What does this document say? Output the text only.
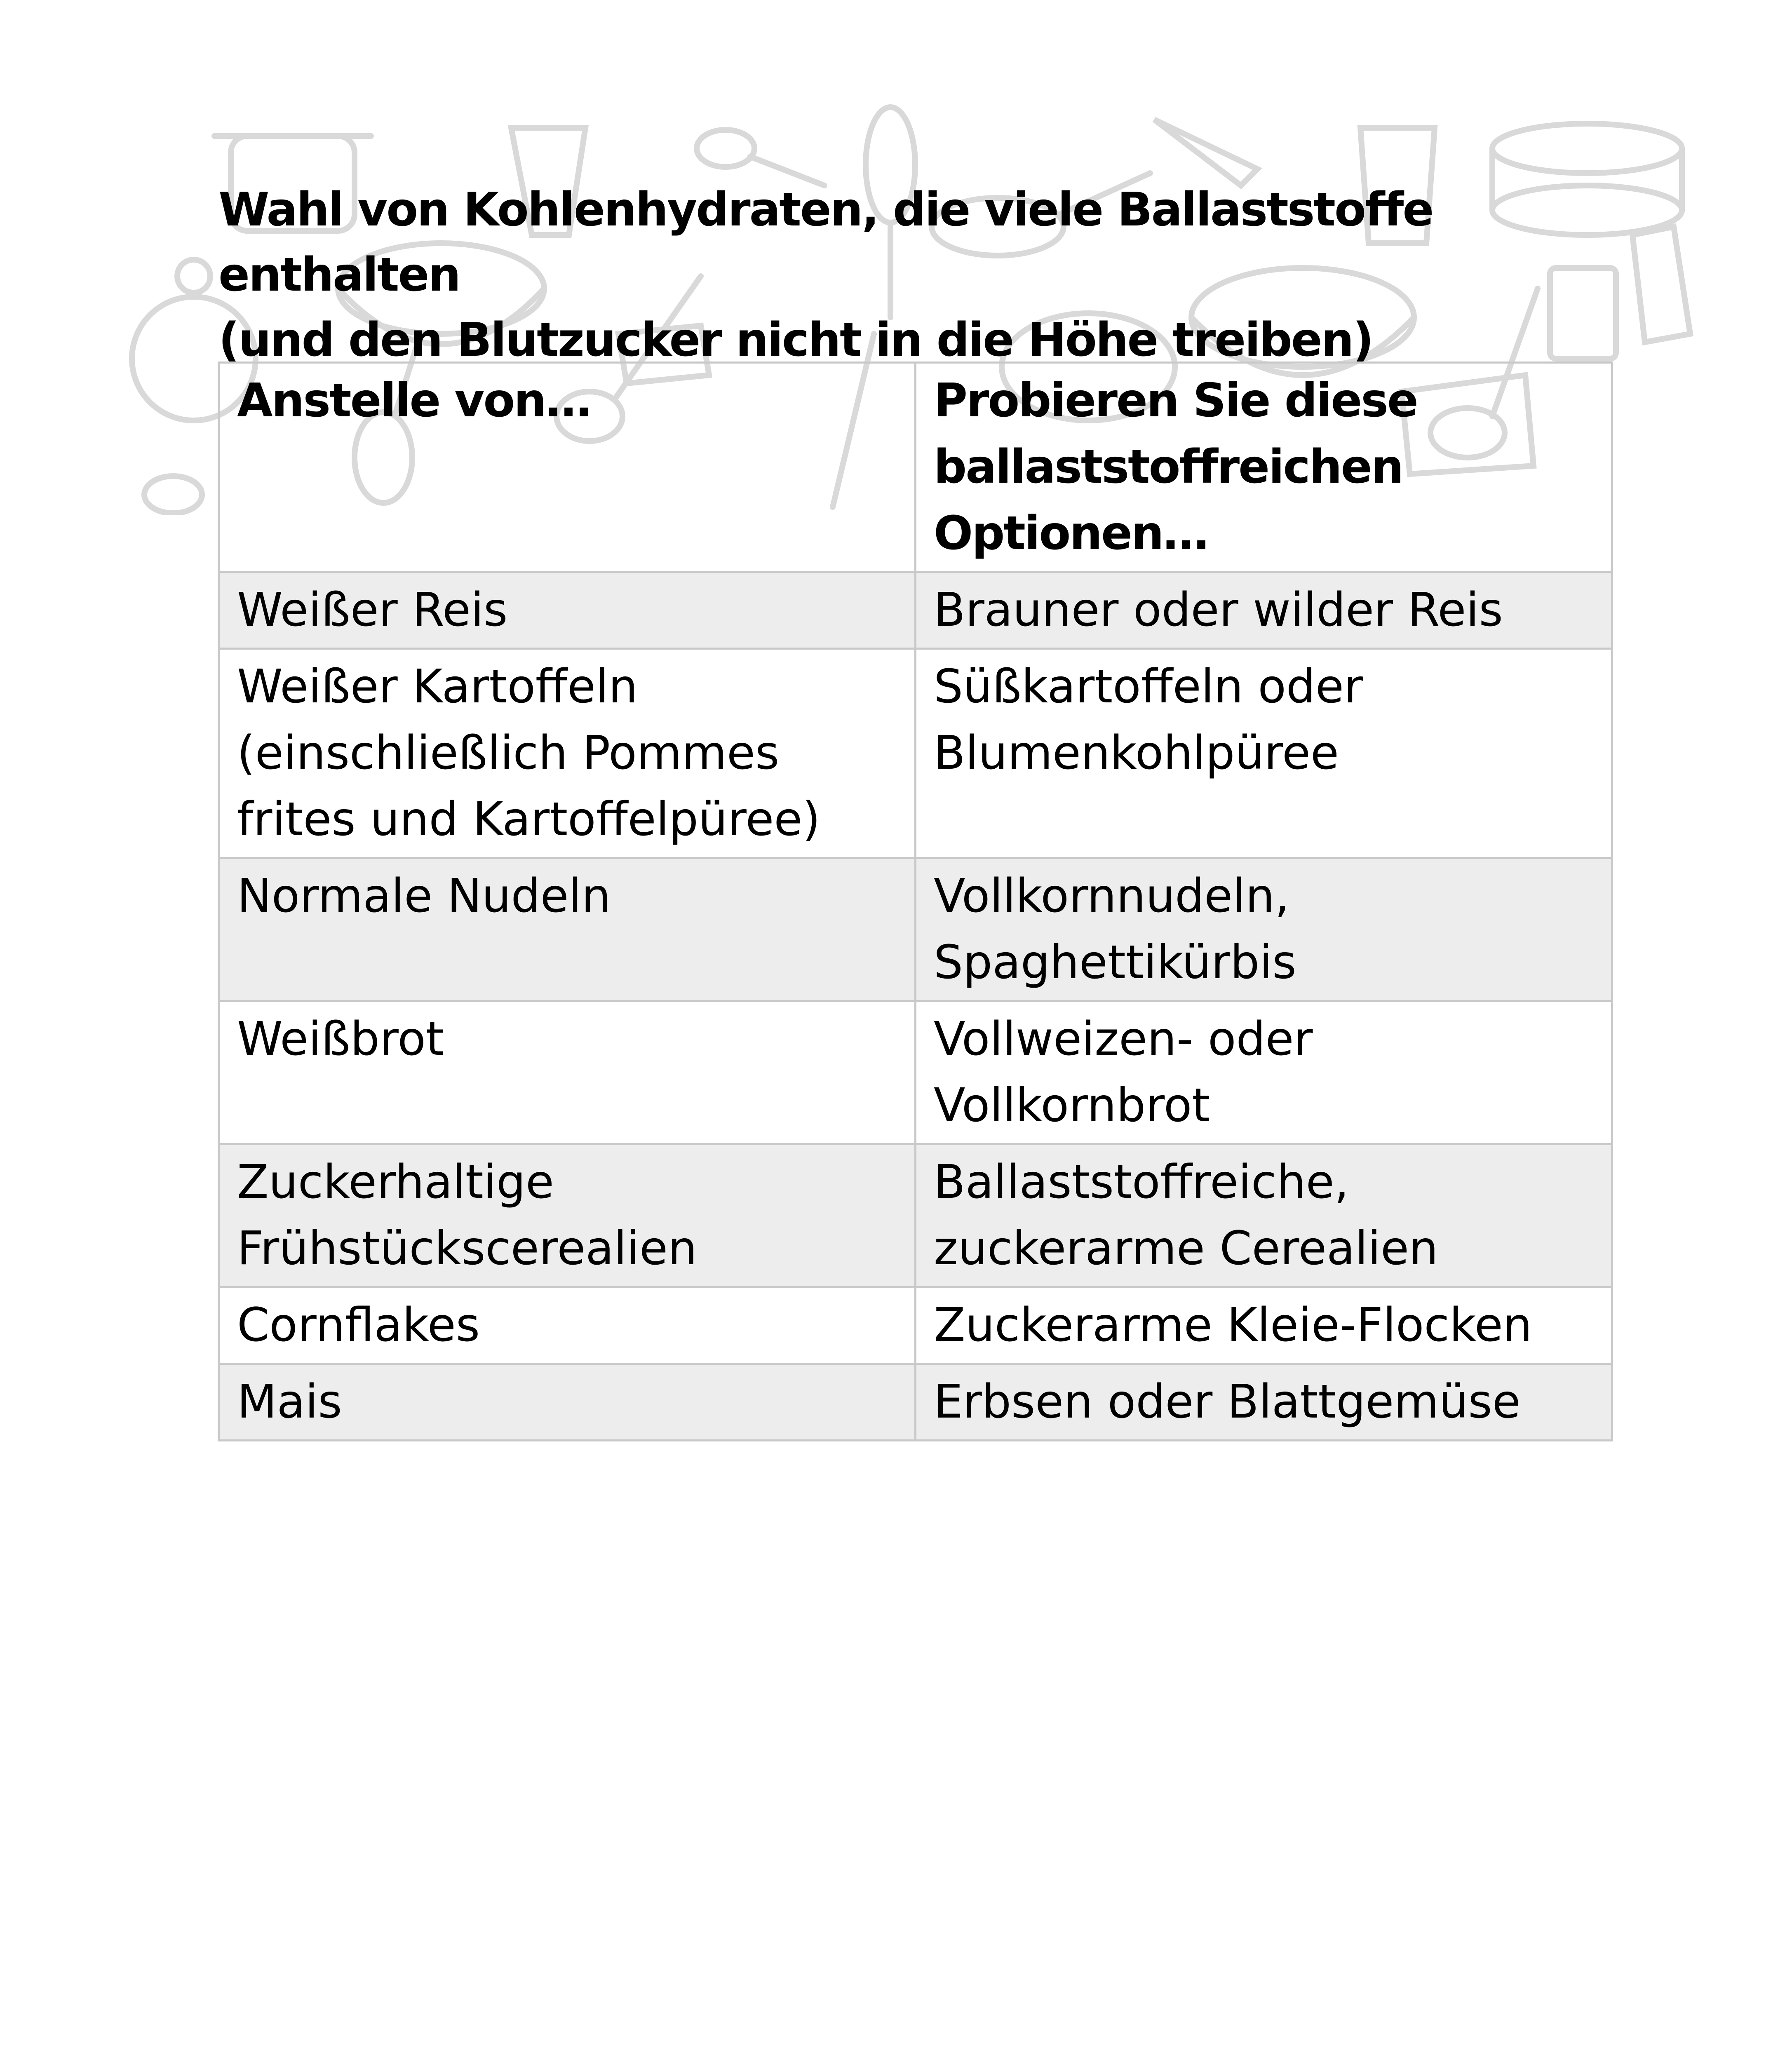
Wahl von Kohlenhydraten, die viele Ballaststoffe enthalten
(und den Blutzucker nicht in die Höhe treiben)
Anstelle von…	Probieren Sie diese ballaststoffreichen Optionen…
Weißer Reis	Brauner oder wilder Reis
Weißer Kartoffeln (einschließlich Pommes frites und Kartoffelpüree)	Süßkartoffeln oder Blumenkohlpüree
Normale Nudeln	Vollkornnudeln, Spaghettikürbis
Weißbrot	Vollweizen- oder Vollkornbrot
Zuckerhaltige Frühstückscerealien	Ballaststoffreiche, zuckerarme Cerealien
Cornflakes	Zuckerarme Kleie-Flocken
Mais	Erbsen oder Blattgemüse
